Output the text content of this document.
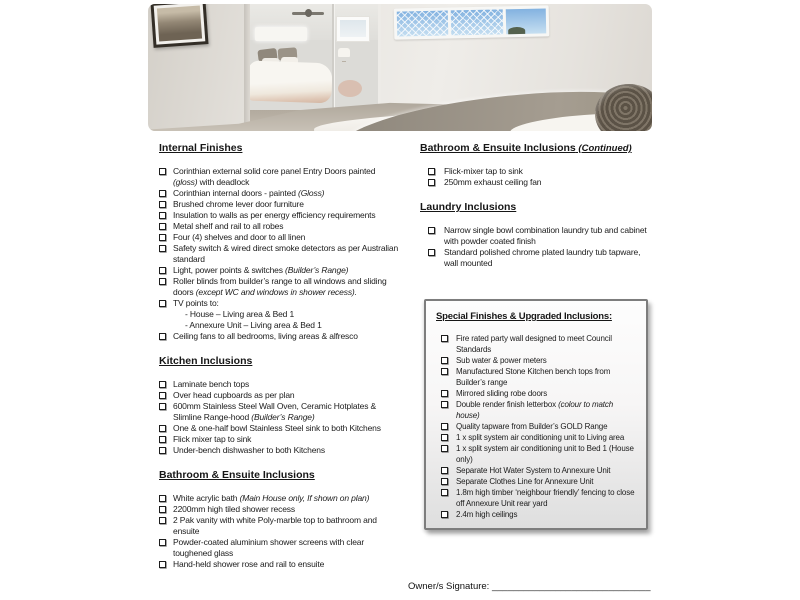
Internal Finishes
Corinthian external solid core panel Entry Doors painted (gloss) with deadlock
Corinthian internal doors - painted (Gloss)
Brushed chrome lever door furniture
Insulation to walls as per energy efficiency requirements
Metal shelf and rail to all robes
Four (4) shelves and door to all linen
Safety switch & wired direct smoke detectors as per Australian standard
Light, power points & switches (Builder’s Range)
Roller blinds from builder’s range to all windows and sliding doors (except WC and windows in shower recess).
TV points to:
- House – Living area & Bed 1
- Annexure Unit – Living area & Bed 1
Ceiling fans to all bedrooms, living areas & alfresco
Kitchen Inclusions
Laminate bench tops
Over head cupboards as per plan
600mm Stainless Steel Wall Oven, Ceramic Hotplates & Slimline Range-hood (Builder’s Range)
One & one-half bowl Stainless Steel sink to both Kitchens
Flick mixer tap to sink
Under-bench dishwasher to both Kitchens
Bathroom & Ensuite Inclusions
White acrylic bath (Main House only, If shown on plan)
2200mm high tiled shower recess
2 Pak vanity with white Poly-marble top to bathroom and ensuite
Powder-coated aluminium shower screens with clear toughened glass
Hand-held shower rose and rail to ensuite
Bathroom & Ensuite Inclusions (Continued)
Flick-mixer tap to sink
250mm exhaust ceiling fan
Laundry Inclusions
Narrow single bowl combination laundry tub and cabinet with powder coated finish
Standard polished chrome plated laundry tub tapware, wall mounted
Special Finishes & Upgraded Inclusions:
Fire rated party wall designed to meet Council Standards
Sub water & power meters
Manufactured Stone Kitchen bench tops from Builder’s range
Mirrored sliding robe doors
Double render finish letterbox (colour to match house)
Quality tapware from Builder’s GOLD Range
1 x split system air conditioning unit to Living area
1 x split system air conditioning unit to Bed 1 (House only)
Separate Hot Water System to Annexure Unit
Separate Clothes Line for Annexure Unit
1.8m high timber ‘neighbour friendly’ fencing to close off Annexure Unit rear yard
2.4m high ceilings
Owner/s Signature: ______________________________
